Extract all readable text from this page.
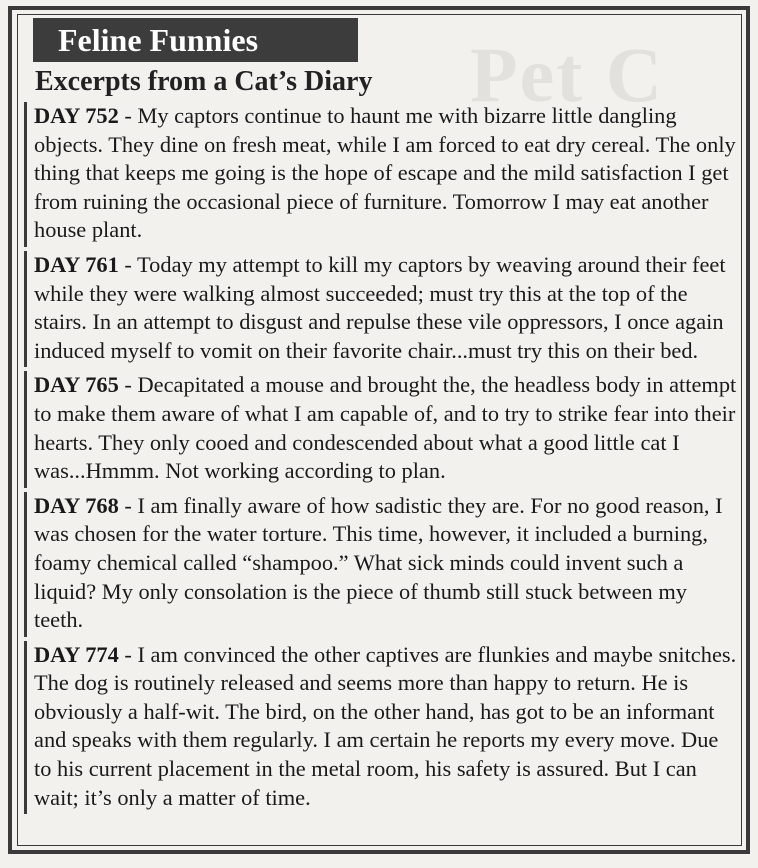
Pet C
Feline Funnies
Excerpts from a Cat’s Diary
DAY 752 - My captors continue to haunt me with bizarre little dangling objects. They dine on fresh meat, while I am forced to eat dry cereal. The only thing that keeps me going is the hope of escape and the mild satisfaction I get from ruining the occasional piece of furniture. Tomorrow I may eat another house plant.
DAY 761 - Today my attempt to kill my captors by weaving around their feet while they were walking almost succeeded; must try this at the top of the stairs. In an attempt to disgust and repulse these vile oppressors, I once again induced myself to vomit on their favorite chair...must try this on their bed.
DAY 765 - Decapitated a mouse and brought the, the headless body in attempt to make them aware of what I am capable of, and to try to strike fear into their hearts. They only cooed and condescended about what a good little cat I was...Hmmm. Not working according to plan.
DAY 768 - I am finally aware of how sadistic they are. For no good reason, I was chosen for the water torture. This time, however, it included a burning, foamy chemical called “shampoo.” What sick minds could invent such a liquid? My only consolation is the piece of thumb still stuck between my teeth.
DAY 774 - I am convinced the other captives are flunkies and maybe snitches. The dog is routinely released and seems more than happy to return. He is obviously a half-wit. The bird, on the other hand, has got to be an informant and speaks with them regularly. I am certain he reports my every move. Due to his current placement in the metal room, his safety is assured. But I can wait; it’s only a matter of time.
